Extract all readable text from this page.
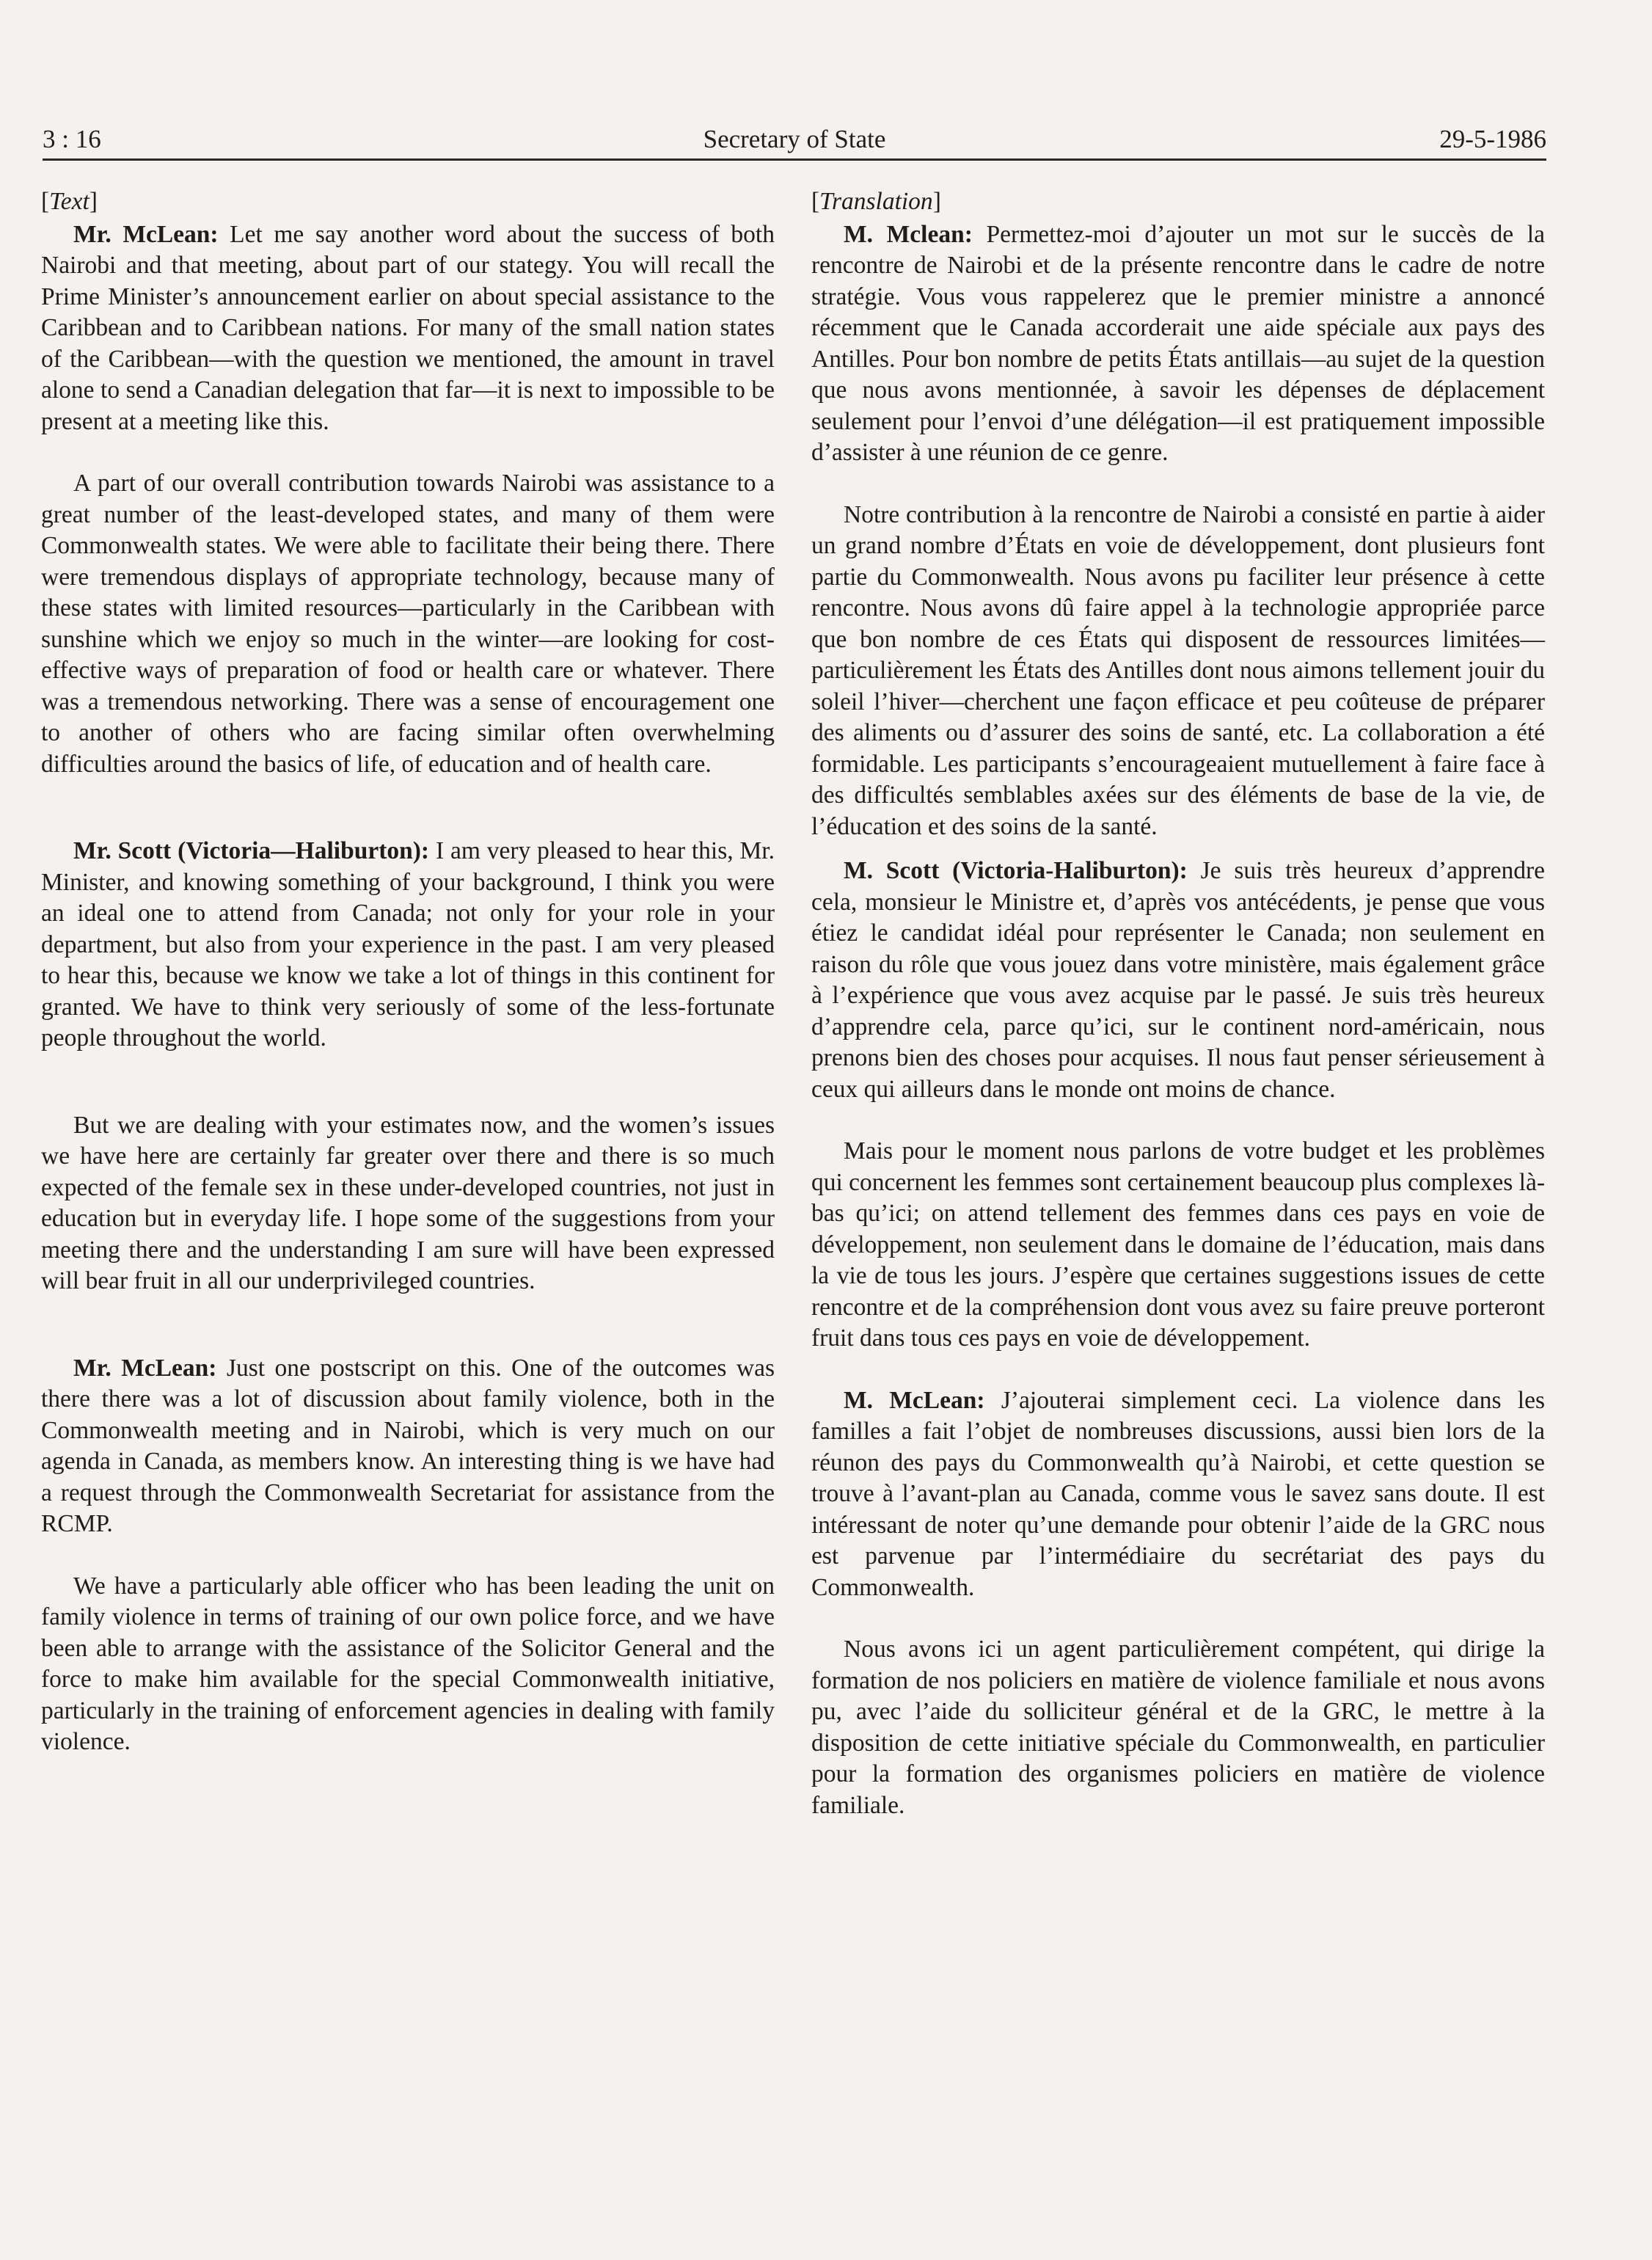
3 : 16	Secretary of State	29-5-1986
[Text]

Mr. McLean: Let me say another word about the success of both Nairobi and that meeting, about part of our stategy. You will recall the Prime Minister’s announcement earlier on about special assistance to the Caribbean and to Caribbean nations. For many of the small nation states of the Caribbean—with the question we mentioned, the amount in travel alone to send a Canadian delegation that far—it is next to impossible to be present at a meeting like this.

A part of our overall contribution towards Nairobi was assistance to a great number of the least-developed states, and many of them were Commonwealth states. We were able to facilitate their being there. There were tremendous displays of appropriate technology, because many of these states with limited resources—particularly in the Caribbean with sunshine which we enjoy so much in the winter—are looking for cost-effective ways of preparation of food or health care or whatever. There was a tremendous networking. There was a sense of encouragement one to another of others who are facing similar often overwhelming difficulties around the basics of life, of education and of health care.

Mr. Scott (Victoria—Haliburton): I am very pleased to hear this, Mr. Minister, and knowing something of your background, I think you were an ideal one to attend from Canada; not only for your role in your department, but also from your experience in the past. I am very pleased to hear this, because we know we take a lot of things in this continent for granted. We have to think very seriously of some of the less-fortunate people throughout the world.

But we are dealing with your estimates now, and the women’s issues we have here are certainly far greater over there and there is so much expected of the female sex in these under-developed countries, not just in education but in everyday life. I hope some of the suggestions from your meeting there and the understanding I am sure will have been expressed will bear fruit in all our underprivileged countries.

Mr. McLean: Just one postscript on this. One of the outcomes was there there was a lot of discussion about family violence, both in the Commonwealth meeting and in Nairobi, which is very much on our agenda in Canada, as members know. An interesting thing is we have had a request through the Commonwealth Secretariat for assistance from the RCMP.

We have a particularly able officer who has been leading the unit on family violence in terms of training of our own police force, and we have been able to arrange with the assistance of the Solicitor General and the force to make him available for the special Commonwealth initiative, particularly in the training of enforcement agencies in dealing with family violence.

[Translation]

M. Mclean: Permettez-moi d’ajouter un mot sur le succès de la rencontre de Nairobi et de la présente rencontre dans le cadre de notre stratégie. Vous vous rappelerez que le premier ministre a annoncé récemment que le Canada accorderait une aide spéciale aux pays des Antilles. Pour bon nombre de petits États antillais—au sujet de la question que nous avons mentionnée, à savoir les dépenses de déplacement seulement pour l’envoi d’une délégation—il est pratiquement impossible d’assister à une réunion de ce genre.

Notre contribution à la rencontre de Nairobi a consisté en partie à aider un grand nombre d’États en voie de développement, dont plusieurs font partie du Commonwealth. Nous avons pu faciliter leur présence à cette rencontre. Nous avons dû faire appel à la technologie appropriée parce que bon nombre de ces États qui disposent de ressources limitées—particulièrement les États des Antilles dont nous aimons tellement jouir du soleil l’hiver—cherchent une façon efficace et peu coûteuse de préparer des aliments ou d’assurer des soins de santé, etc. La collaboration a été formidable. Les participants s’encourageaient mutuellement à faire face à des difficultés semblables axées sur des éléments de base de la vie, de l’éducation et des soins de la santé.

M. Scott (Victoria-Haliburton): Je suis très heureux d’apprendre cela, monsieur le Ministre et, d’après vos antécédents, je pense que vous étiez le candidat idéal pour représenter le Canada; non seulement en raison du rôle que vous jouez dans votre ministère, mais également grâce à l’expérience que vous avez acquise par le passé. Je suis très heureux d’apprendre cela, parce qu’ici, sur le continent nord-américain, nous prenons bien des choses pour acquises. Il nous faut penser sérieusement à ceux qui ailleurs dans le monde ont moins de chance.

Mais pour le moment nous parlons de votre budget et les problèmes qui concernent les femmes sont certainement beaucoup plus complexes là-bas qu’ici; on attend tellement des femmes dans ces pays en voie de développement, non seulement dans le domaine de l’éducation, mais dans la vie de tous les jours. J’espère que certaines suggestions issues de cette rencontre et de la compréhension dont vous avez su faire preuve porteront fruit dans tous ces pays en voie de développement.

M. McLean: J’ajouterai simplement ceci. La violence dans les familles a fait l’objet de nombreuses discussions, aussi bien lors de la réunon des pays du Commonwealth qu’à Nairobi, et cette question se trouve à l’avant-plan au Canada, comme vous le savez sans doute. Il est intéressant de noter qu’une demande pour obtenir l’aide de la GRC nous est parvenue par l’intermédiaire du secrétariat des pays du Commonwealth.

Nous avons ici un agent particulièrement compétent, qui dirige la formation de nos policiers en matière de violence familiale et nous avons pu, avec l’aide du solliciteur général et de la GRC, le mettre à la disposition de cette initiative spéciale du Commonwealth, en particulier pour la formation des organismes policiers en matière de violence familiale.
